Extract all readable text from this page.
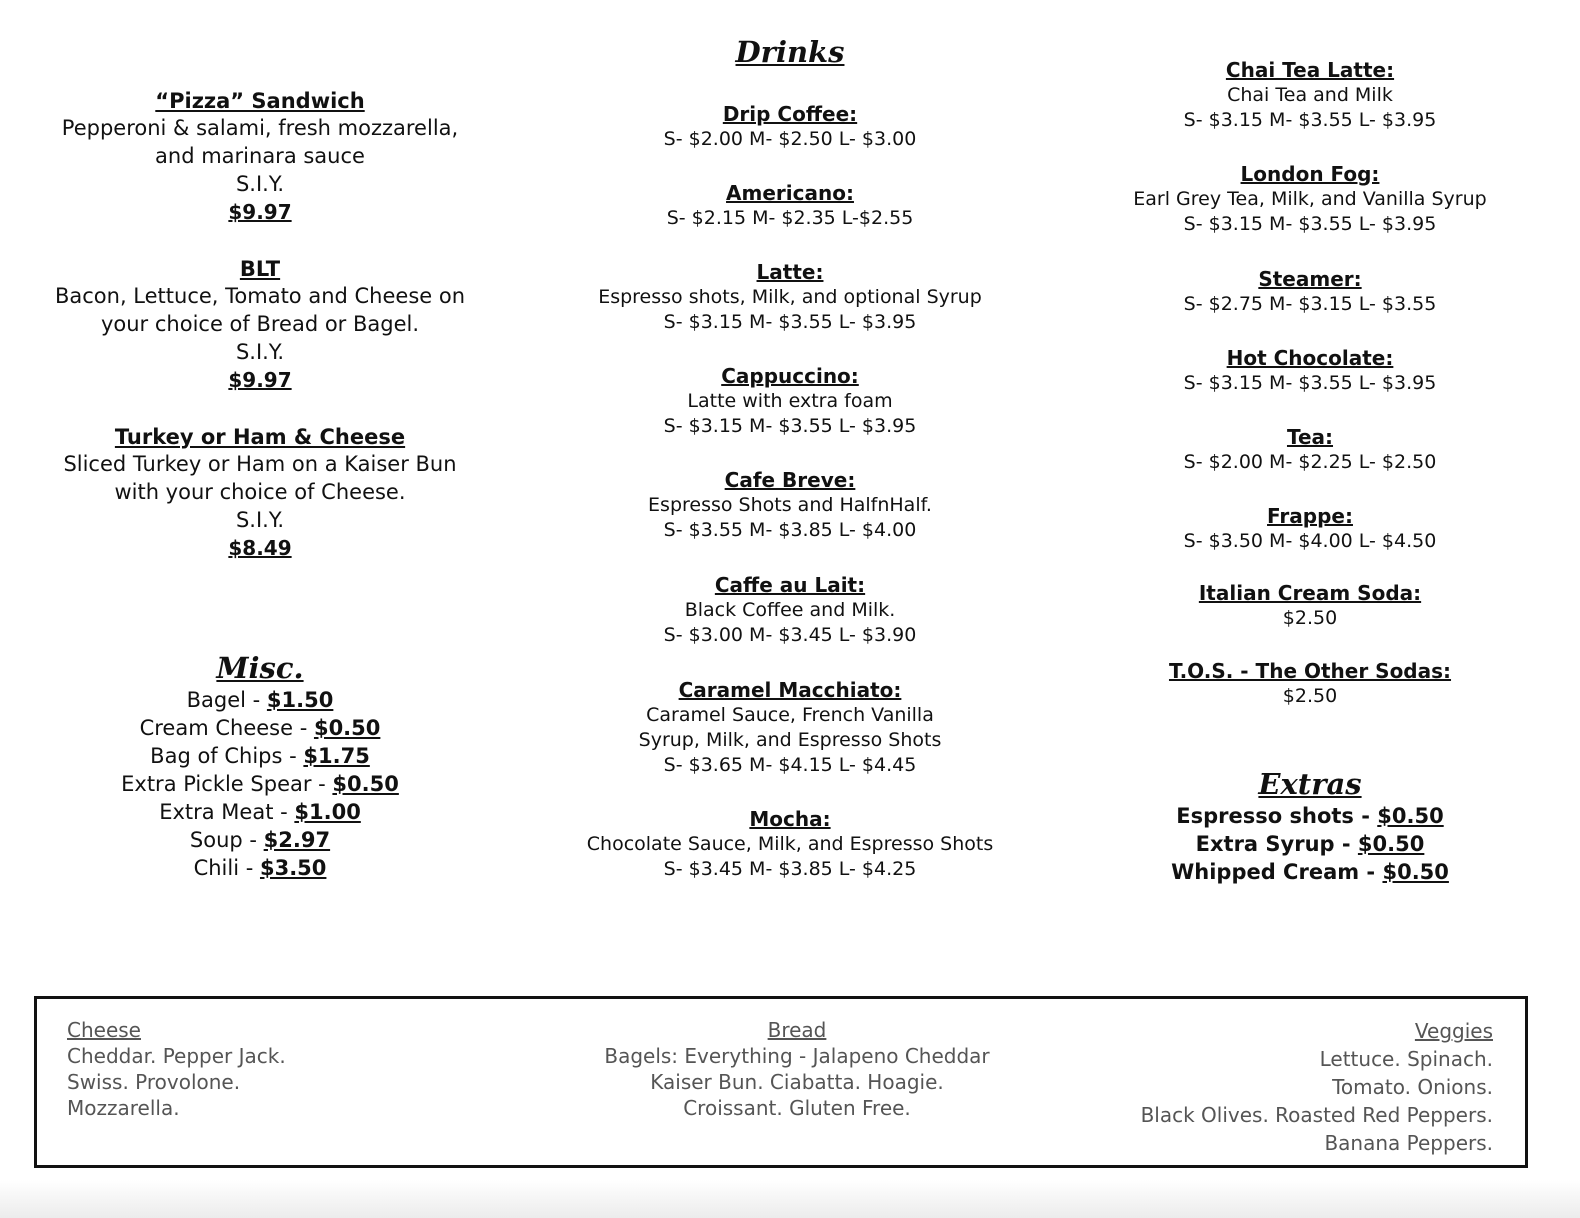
“Pizza” Sandwich
Pepperoni & salami, fresh mozzarella,
and marinara sauce
S.I.Y.
$9.97
BLT
Bacon, Lettuce, Tomato and Cheese on
your choice of Bread or Bagel.
S.I.Y.
$9.97
Turkey or Ham & Cheese
Sliced Turkey or Ham on a Kaiser Bun
with your choice of Cheese.
S.I.Y.
$8.49
Misc.
Bagel - $1.50
Cream Cheese - $0.50
Bag of Chips - $1.75
Extra Pickle Spear - $0.50
Extra Meat - $1.00
Soup - $2.97
Chili - $3.50
Drinks
Drip Coffee:
S- $2.00 M- $2.50 L- $3.00
Americano:
S- $2.15 M- $2.35 L-$2.55
Latte:
Espresso shots, Milk, and optional Syrup
S- $3.15 M- $3.55 L- $3.95
Cappuccino:
Latte with extra foam
S- $3.15 M- $3.55 L- $3.95
Cafe Breve:
Espresso Shots and HalfnHalf.
S- $3.55 M- $3.85 L- $4.00
Caffe au Lait:
Black Coffee and Milk.
S- $3.00 M- $3.45 L- $3.90
Caramel Macchiato:
Caramel Sauce, French Vanilla
Syrup, Milk, and Espresso Shots
S- $3.65 M- $4.15 L- $4.45
Mocha:
Chocolate Sauce, Milk, and Espresso Shots
S- $3.45 M- $3.85 L- $4.25
Chai Tea Latte:
Chai Tea and Milk
S- $3.15 M- $3.55 L- $3.95
London Fog:
Earl Grey Tea, Milk, and Vanilla Syrup
S- $3.15 M- $3.55 L- $3.95
Steamer:
S- $2.75 M- $3.15 L- $3.55
Hot Chocolate:
S- $3.15 M- $3.55 L- $3.95
Tea:
S- $2.00 M- $2.25 L- $2.50
Frappe:
S- $3.50 M- $4.00 L- $4.50
Italian Cream Soda:
$2.50
T.O.S. - The Other Sodas:
$2.50
Extras
Espresso shots - $0.50
Extra Syrup - $0.50
Whipped Cream - $0.50
Cheese
Cheddar. Pepper Jack.
Swiss. Provolone.
Mozzarella.
Bread
Bagels: Everything - Jalapeno Cheddar
Kaiser Bun. Ciabatta. Hoagie.
Croissant. Gluten Free.
Veggies
Lettuce. Spinach.
Tomato. Onions.
Black Olives. Roasted Red Peppers.
Banana Peppers.
